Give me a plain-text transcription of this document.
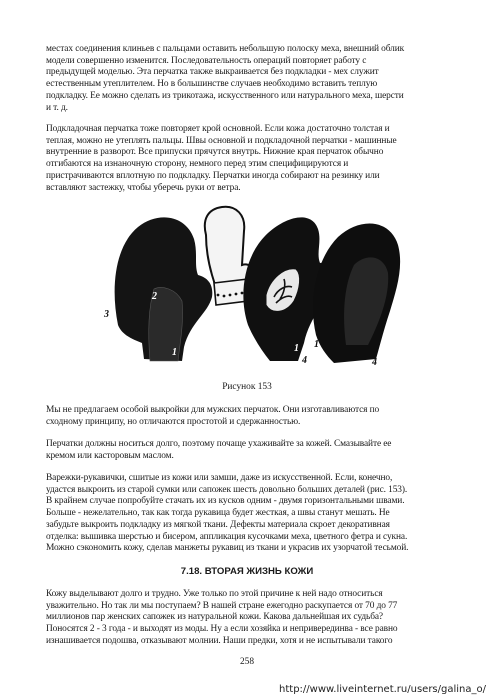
местах соединения клиньев с пальцами оставить небольшую полоску меха, внешний облик
модели совершенно изменится. Последовательность операций повторяет работу с
предыдущей моделью. Эта перчатка также выкраивается без подкладки - мех служит
естественным утеплителем. Но в большинстве случаев необходимо вставить теплую
подкладку. Ее можно сделать из трикотажа, искусственного или натурального меха, шерсти
и т. д.
Подкладочная перчатка тоже повторяет крой основной. Если кожа достаточно толстая и
теплая, можно не утеплять пальцы. Швы основной и подкладочной перчатки - машинные
внутренние в разворот. Все припуски прячутся внутрь. Нижние края перчаток обычно
отгибаются на изнаночную сторону, немного перед этим специфицируются и
пристрачиваются вплотную по подкладку. Перчатки иногда собирают на резинку или
вставляют застежку, чтобы уберечь руки от ветра.
2
3
1	1
4
1
4
Рисунок 153
Мы не предлагаем особой выкройки для мужских перчаток. Они изготавливаются по
сходному принципу, но отличаются простотой и сдержанностью.
Перчатки должны носиться долго, поэтому почаще ухаживайте за кожей. Смазывайте ее
кремом или касторовым маслом.
Варежки-рукавички, сшитые из кожи или замши, даже из искусственной. Если, конечно,
удастся выкроить из старой сумки или сапожек шесть довольно больших деталей (рис. 153).
В крайнем случае попробуйте стачать их из кусков одним - двумя горизонтальными швами.
Больше - нежелательно, так как тогда рукавица будет жесткая, а швы станут мешать. Не
забудьте выкроить подкладку из мягкой ткани. Дефекты материала скроет декоративная
отделка: вышивка шерстью и бисером, аппликация кусочками меха, цветного фетра и сукна.
Можно сэкономить кожу, сделав манжеты рукавиц из ткани и украсив их узорчатой тесьмой.
7.18. ВТОРАЯ ЖИЗНЬ КОЖИ
Кожу выделывают долго и трудно. Уже только по этой причине к ней надо относиться
уважительно. Но так ли мы поступаем? В нашей стране ежегодно раскупается от 70 до 77
миллионов пар женских сапожек из натуральной кожи. Какова дальнейшая их судьба?
Поносятся 2 - 3 года - и выходят из моды. Ну а если хозяйка и неприверединва - все равно
изнашивается подошва, отказывают молнии. Наши предки, хотя и не испытывали такого
258
http://www.liveinternet.ru/users/galina_o/
